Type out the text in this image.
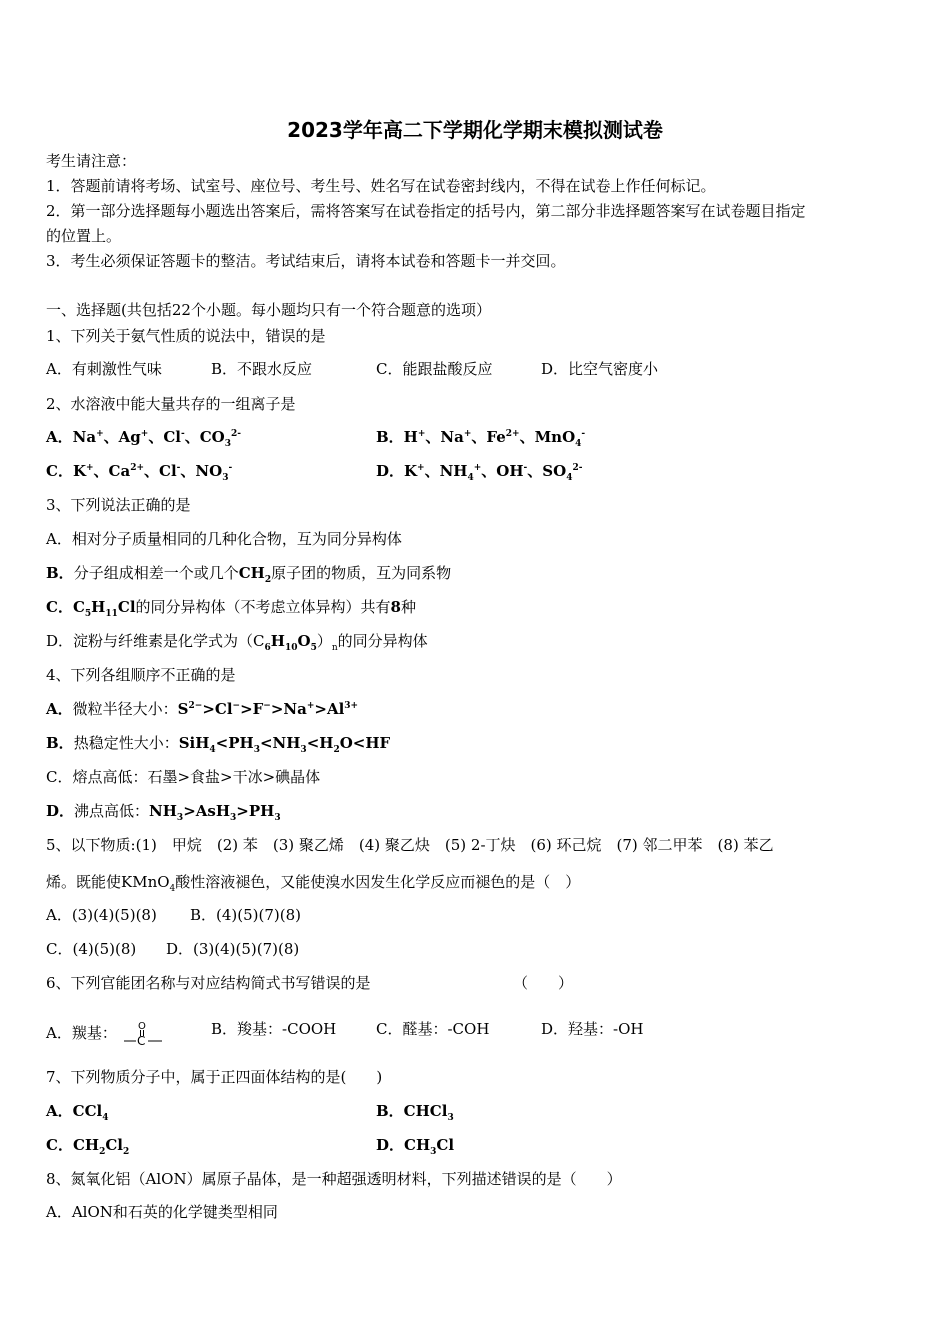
2023学年高二下学期化学期末模拟测试卷
考生请注意：
1．答题前请将考场、试室号、座位号、考生号、姓名写在试卷密封线内，不得在试卷上作任何标记。
2．第一部分选择题每小题选出答案后，需将答案写在试卷指定的括号内，第二部分非选择题答案写在试卷题目指定
的位置上。
3．考生必须保证答题卡的整洁。考试结束后，请将本试卷和答题卡一并交回。
一、选择题(共包括22个小题。每小题均只有一个符合题意的选项）
1、下列关于氨气性质的说法中，错误的是
A．有刺激性气味	B．不跟水反应	C．能跟盐酸反应	D．比空气密度小
2、水溶液中能大量共存的一组离子是
A．Na+、Ag+、Cl-、$CO_3^{2-}$	B．H+、Na+、$Fe^{2+}$、MnO$_4$-
C．K+、$Ca^{2+}$、Cl-、$NO_3^-$	D．K+、$NH_4^+$、OH-、$SO_4^{2-}$
3、下列说法正确的是
A．相对分子质量相同的几种化合物，互为同分异构体
B．分子组成相差一个或几个$CH_2$原子团的物质，互为同系物
C．$C_5H_{11}Cl$的同分异构体（不考虑立体异构）共有8种
D．淀粉与纤维素是化学式为$(C_6H_{10}O_5)_n$的同分异构体
4、下列各组顺序不正确的是
A．微粒半径大小：$S^{2-}>Cl^->F^->Na^+>Al^{3+}$
B．热稳定性大小：$SiH_4<PH_3<NH_3<H_2O<HF$
C．熔点高低：石墨>食盐>干冰>碘晶体
D．沸点高低：$NH_3>AsH_3>PH_3$
5、以下物质:(1)　甲烷　(2) 苯　(3) 聚乙烯　(4) 聚乙炔　(5) 2-丁炔　(6) 环己烷　(7) 邻二甲苯　(8) 苯乙
烯。既能使KMnO$_4$酸性溶液褪色，又能使溴水因发生化学反应而褪色的是（　）
A．(3)(4)(5)(8) B．(4)(5)(7)(8)
C．(4)(5)(8) D．(3)(4)(5)(7)(8)
6、下列官能团名称与对应结构简式书写错误的是	（　　）
A．羰基： O
C
B．羧基：-COOH	C．醛基：-COH	D．羟基：-OH
7、下列物质分子中，属于正四面体结构的是(　　)
A．CCl$_4$	B．CHCl$_3$
C．$CH_2Cl_2$	D．$CH_3Cl$
8、氮氧化铝（AlON）属原子晶体，是一种超强透明材料，下列描述错误的是（　　）
A．AlON和石英的化学键类型相同
